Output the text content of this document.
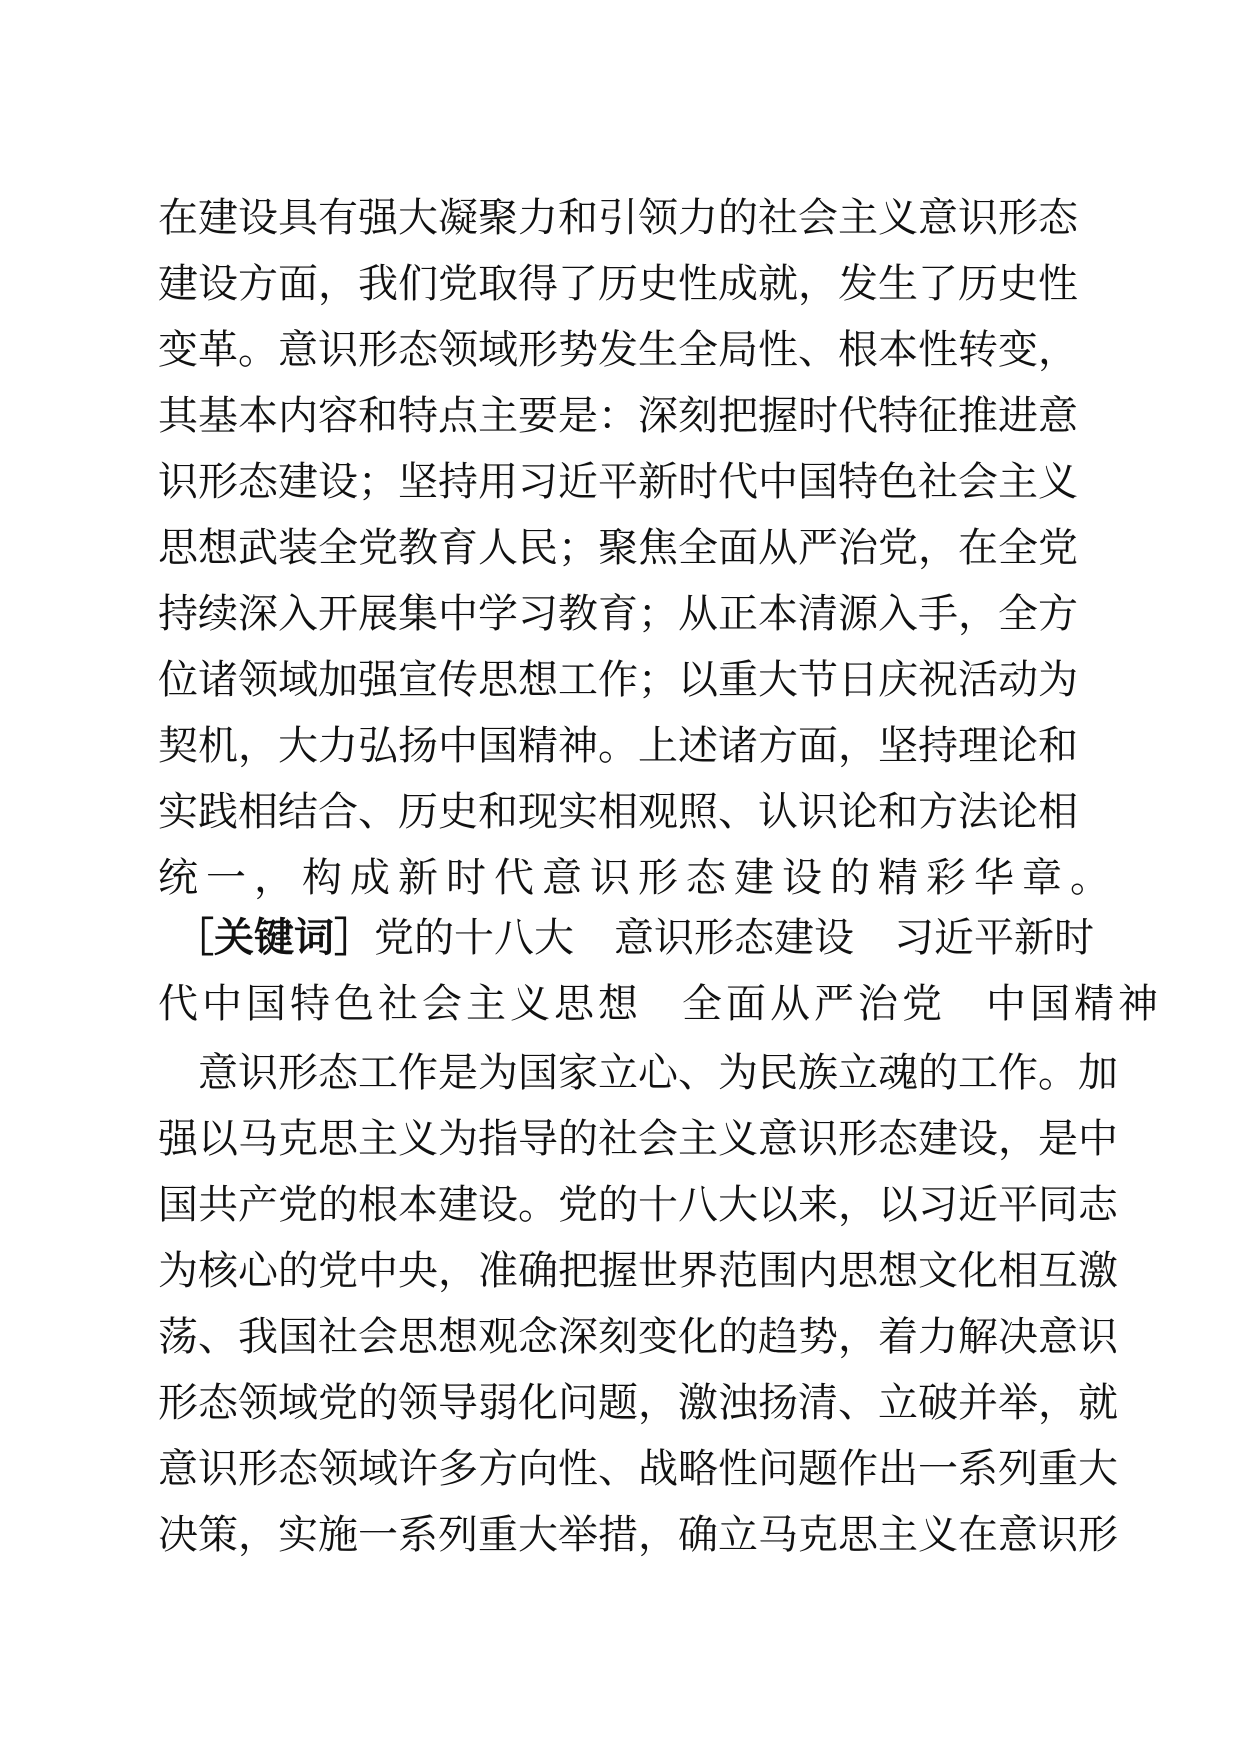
在建设具有强大凝聚力和引领力的社会主义意识形态
建设方面，我们党取得了历史性成就，发生了历史性
变革。意识形态领域形势发生全局性、根本性转变，
其基本内容和特点主要是：深刻把握时代特征推进意
识形态建设；坚持用习近平新时代中国特色社会主义
思想武装全党教育人民；聚焦全面从严治党，在全党
持续深入开展集中学习教育；从正本清源入手，全方
位诸领域加强宣传思想工作；以重大节日庆祝活动为
契机，大力弘扬中国精神。上述诸方面，坚持理论和
实践相结合、历史和现实相观照、认识论和方法论相
统一，构成新时代意识形态建设的精彩华章。
［关键词］党的十八大 意识形态建设 习近平新时
代中国特色社会主义思想 全面从严治党 中国精神
　意识形态工作是为国家立心、为民族立魂的工作。加
强以马克思主义为指导的社会主义意识形态建设，是中
国共产党的根本建设。党的十八大以来，以习近平同志
为核心的党中央，准确把握世界范围内思想文化相互激
荡、我国社会思想观念深刻变化的趋势，着力解决意识
形态领域党的领导弱化问题，激浊扬清、立破并举，就
意识形态领域许多方向性、战略性问题作出一系列重大
决策，实施一系列重大举措，确立马克思主义在意识形
